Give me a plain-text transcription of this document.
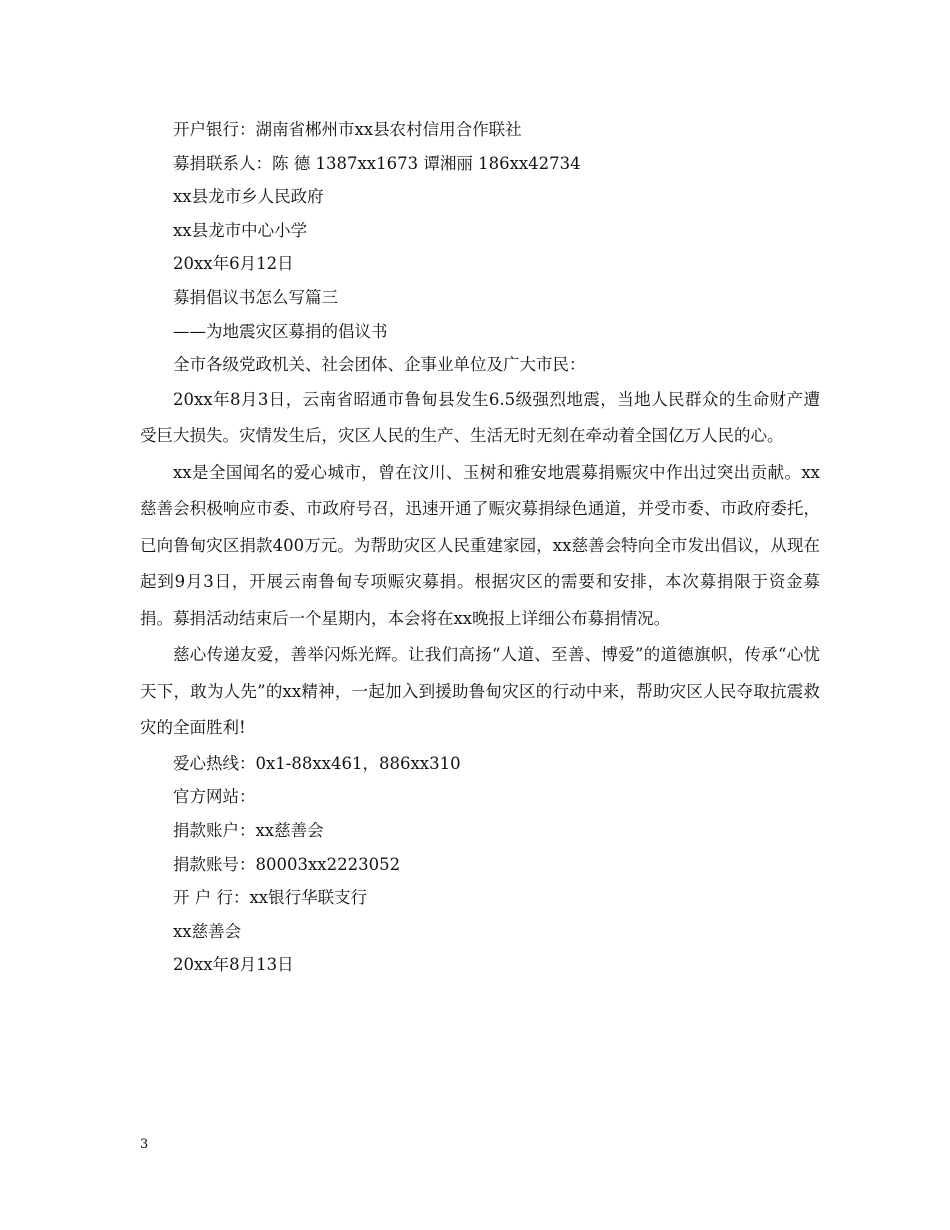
开户银行：湖南省郴州市xx县农村信用合作联社

募捐联系人：陈 德 1387xx1673 谭湘丽 186xx42734

xx县龙市乡人民政府

xx县龙市中心小学

20xx年6月12日

募捐倡议书怎么写篇三

——为地震灾区募捐的倡议书

全市各级党政机关、社会团体、企事业单位及广大市民：

20xx年8月3日，云南省昭通市鲁甸县发生6.5级强烈地震，当地人民群众的生命财产遭受巨大损失。灾情发生后，灾区人民的生产、生活无时无刻在牵动着全国亿万人民的心。

xx是全国闻名的爱心城市，曾在汶川、玉树和雅安地震募捐赈灾中作出过突出贡献。xx慈善会积极响应市委、市政府号召，迅速开通了赈灾募捐绿色通道，并受市委、市政府委托，已向鲁甸灾区捐款400万元。为帮助灾区人民重建家园，xx慈善会特向全市发出倡议，从现在起到9月3日，开展云南鲁甸专项赈灾募捐。根据灾区的需要和安排，本次募捐限于资金募捐。募捐活动结束后一个星期内，本会将在xx晚报上详细公布募捐情况。

慈心传递友爱，善举闪烁光辉。让我们高扬“人道、至善、博爱”的道德旗帜，传承“心忧天下，敢为人先”的xx精神，一起加入到援助鲁甸灾区的行动中来，帮助灾区人民夺取抗震救灾的全面胜利!

爱心热线：0x1-88xx461，886xx310

官方网站：

捐款账户：xx慈善会

捐款账号：80003xx2223052

开 户 行：xx银行华联支行

xx慈善会

20xx年8月13日

3
